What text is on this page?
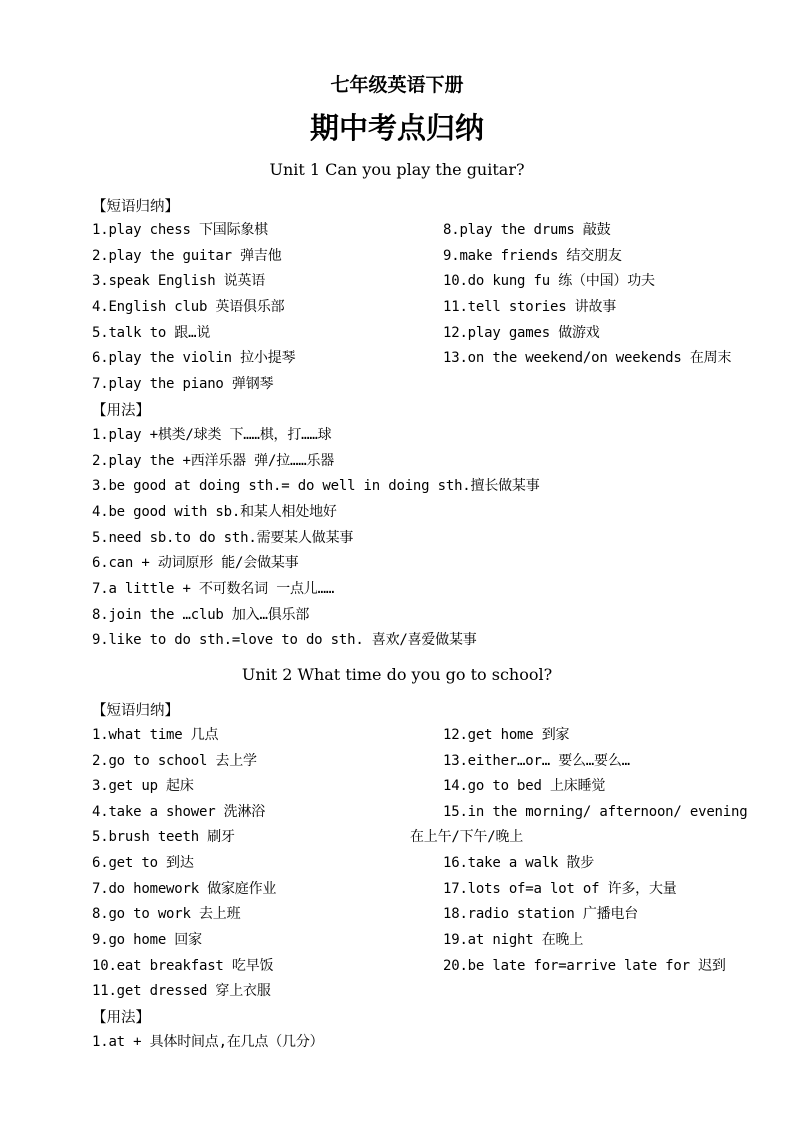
七年级英语下册
期中考点归纳
Unit 1 Can you play the guitar?
【短语归纳】
1.play chess 下国际象棋
2.play the guitar 弹吉他
3.speak English 说英语
4.English club 英语俱乐部
5.talk to 跟…说
6.play the violin 拉小提琴
7.play the piano 弹钢琴
8.play the drums 敲鼓
9.make friends 结交朋友
10.do kung fu 练（中国）功夫
11.tell stories 讲故事
12.play games 做游戏
13.on the weekend/on weekends 在周末
【用法】
1.play +棋类/球类 下……棋，打……球
2.play the +西洋乐器 弹/拉……乐器
3.be good at doing sth.= do well in doing sth.擅长做某事
4.be good with sb.和某人相处地好
5.need sb.to do sth.需要某人做某事
6.can + 动词原形 能/会做某事
7.a little + 不可数名词 一点儿……
8.join the …club 加入…俱乐部
9.like to do sth.=love to do sth. 喜欢/喜爱做某事
Unit 2 What time do you go to school?
【短语归纳】
1.what time 几点
2.go to school 去上学
3.get up 起床
4.take a shower 洗淋浴
5.brush teeth 刷牙
6.get to 到达
7.do homework 做家庭作业
8.go to work 去上班
9.go home 回家
10.eat breakfast 吃早饭
11.get dressed 穿上衣服
12.get home 到家
13.either…or… 要么…要么…
14.go to bed 上床睡觉
15.in the morning/ afternoon/ evening
在上午/下午/晚上
16.take a walk 散步
17.lots of=a lot of 许多，大量
18.radio station 广播电台
19.at night 在晚上
20.be late for=arrive late for 迟到
【用法】
1.at + 具体时间点,在几点（几分）
